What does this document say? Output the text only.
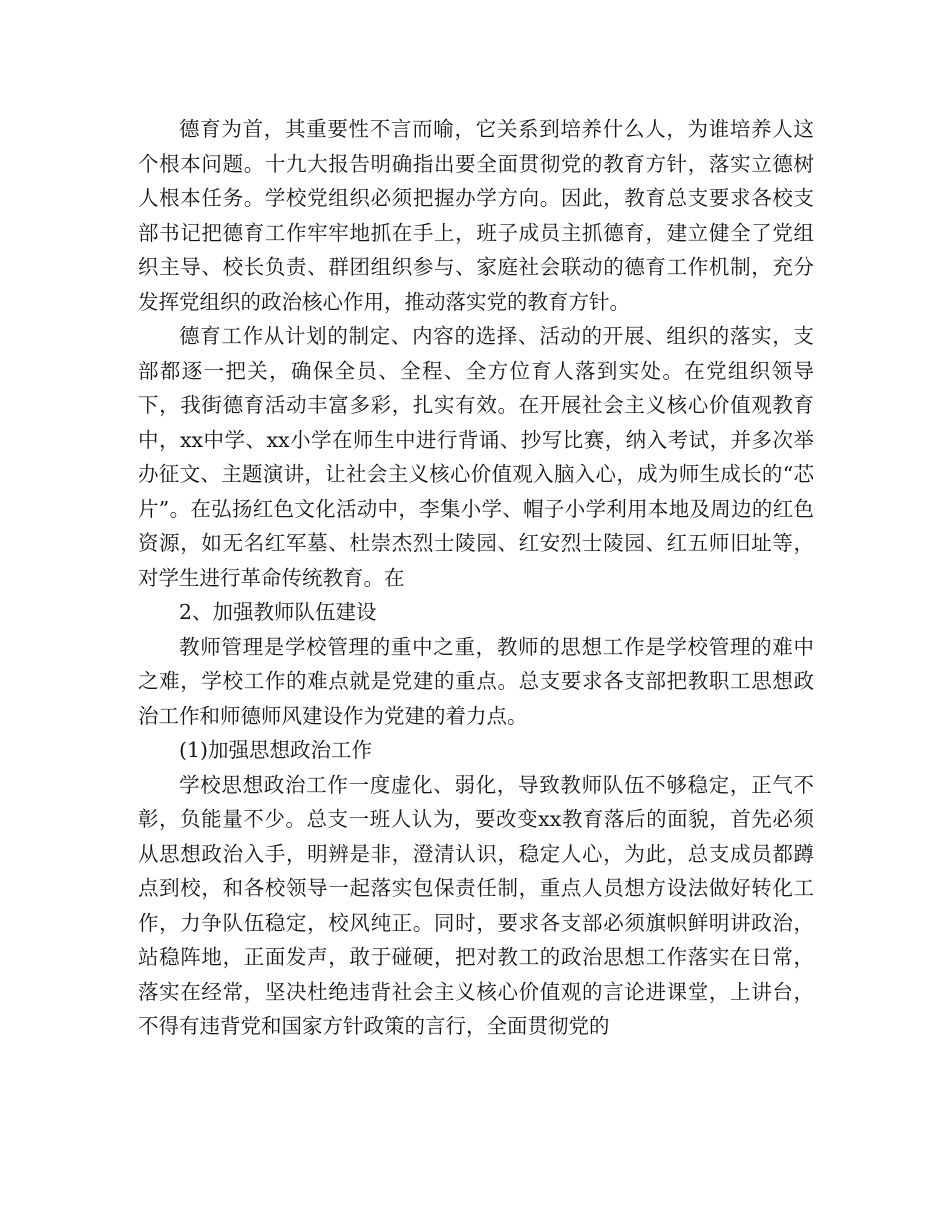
德育为首，其重要性不言而喻，它关系到培养什么人，为谁培养人这个根本问题。十九大报告明确指出要全面贯彻党的教育方针，落实立德树人根本任务。学校党组织必须把握办学方向。因此，教育总支要求各校支部书记把德育工作牢牢地抓在手上，班子成员主抓德育，建立健全了党组织主导、校长负责、群团组织参与、家庭社会联动的德育工作机制，充分发挥党组织的政治核心作用，推动落实党的教育方针。

德育工作从计划的制定、内容的选择、活动的开展、组织的落实，支部都逐一把关，确保全员、全程、全方位育人落到实处。在党组织领导下，我街德育活动丰富多彩，扎实有效。在开展社会主义核心价值观教育中，xx中学、xx小学在师生中进行背诵、抄写比赛，纳入考试，并多次举办征文、主题演讲，让社会主义核心价值观入脑入心，成为师生成长的“芯片”。在弘扬红色文化活动中，李集小学、帽子小学利用本地及周边的红色资源，如无名红军墓、杜崇杰烈士陵园、红安烈士陵园、红五师旧址等，对学生进行革命传统教育。在

2、加强教师队伍建设

教师管理是学校管理的重中之重，教师的思想工作是学校管理的难中之难，学校工作的难点就是党建的重点。总支要求各支部把教职工思想政治工作和师德师风建设作为党建的着力点。

(1)加强思想政治工作

学校思想政治工作一度虚化、弱化，导致教师队伍不够稳定，正气不彰，负能量不少。总支一班人认为，要改变xx教育落后的面貌，首先必须从思想政治入手，明辨是非，澄清认识，稳定人心，为此，总支成员都蹲点到校，和各校领导一起落实包保责任制，重点人员想方设法做好转化工作，力争队伍稳定，校风纯正。同时，要求各支部必须旗帜鲜明讲政治，站稳阵地，正面发声，敢于碰硬，把对教工的政治思想工作落实在日常，落实在经常，坚决杜绝违背社会主义核心价值观的言论进课堂，上讲台，不得有违背党和国家方针政策的言行，全面贯彻党的
